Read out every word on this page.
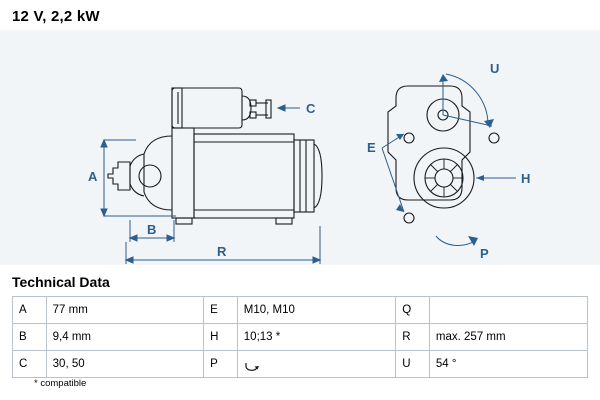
12 V, 2,2 kW
A
B
R
C
E
H
U
P
Technical Data
A	77 mm	E	M10, M10	Q	
B	9,4 mm	H	10;13 *	R	max. 257 mm
C	30, 50	P		U	54 °
* compatible
